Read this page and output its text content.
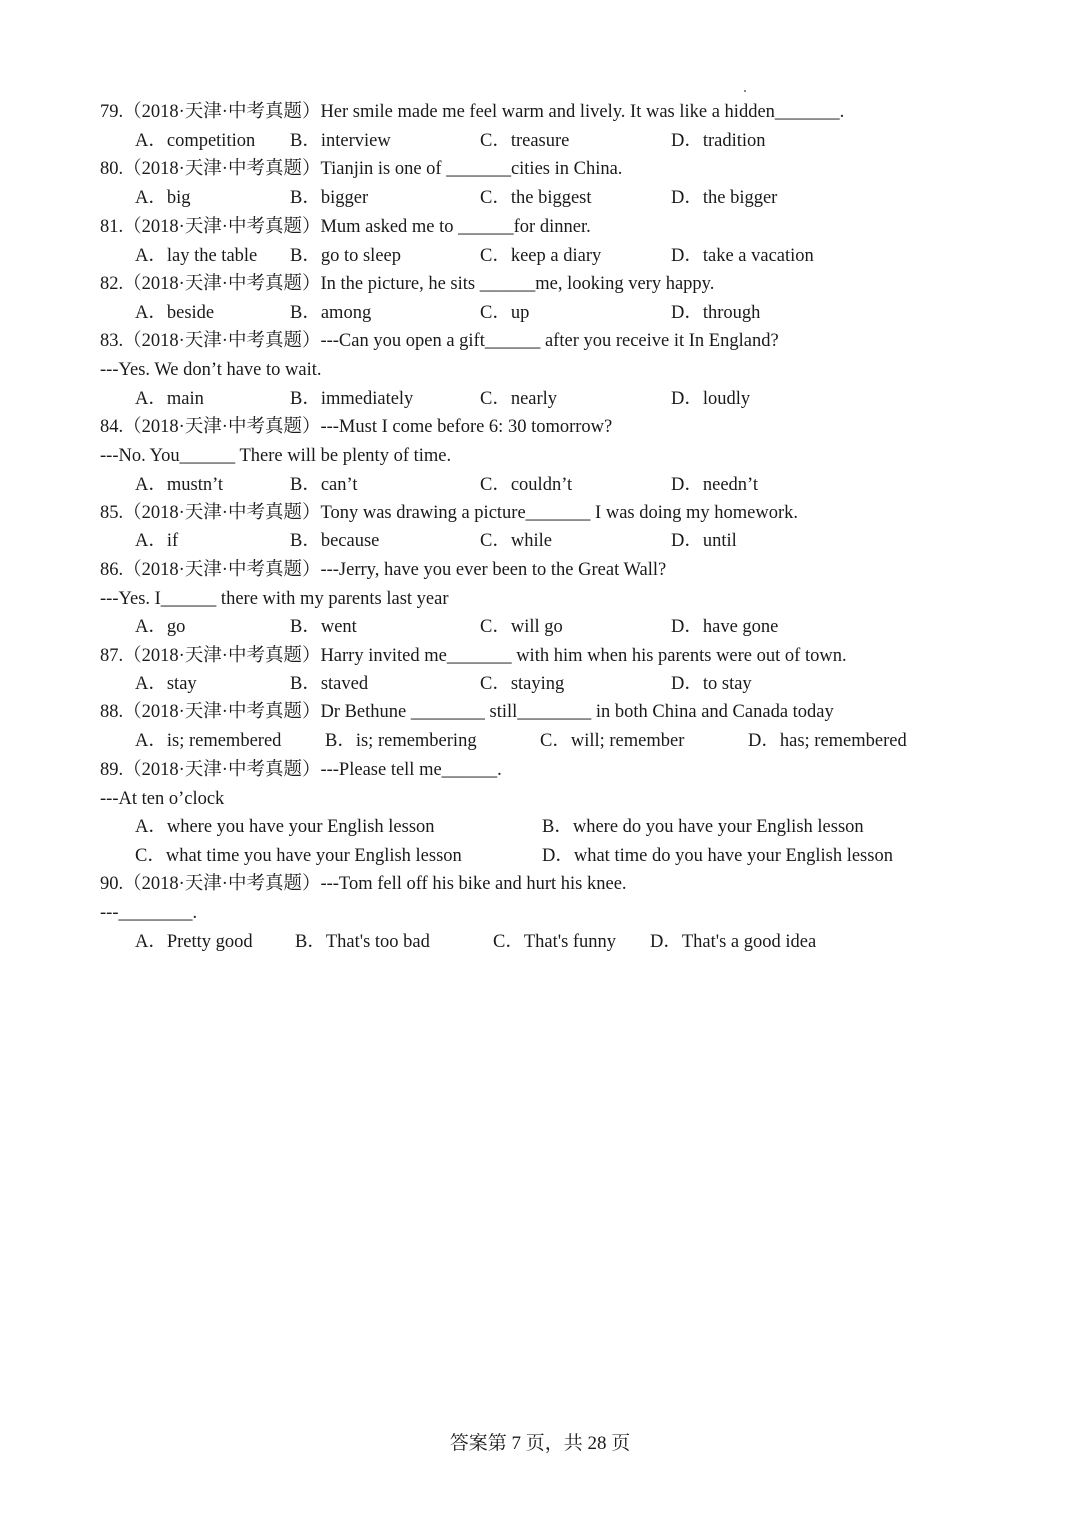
79.（2018·天津·中考真题）Her smile made me feel warm and lively. It was like a hidden_______.
A．competition B．interview	C．treasure	D．tradition
80.（2018·天津·中考真题）Tianjin is one of _______cities in China.
A．big	B．bigger	C．the biggest	D．the bigger
81.（2018·天津·中考真题）Mum asked me to ______for dinner.
A．lay the table B．go to sleep	C．keep a diary	D．take a vacation
82.（2018·天津·中考真题）In the picture, he sits ______me, looking very happy.
A．beside	B．among	C．up	D．through
83.（2018·天津·中考真题）---Can you open a gift______ after you receive it In England?
---Yes. We don’t have to wait.
A．main	B．immediately	C．nearly	D．loudly
84.（2018·天津·中考真题）---Must I come before 6: 30 tomorrow?
---No. You______ There will be plenty of time.
A．mustn’t	B．can’t	C．couldn’t	D．needn’t
85.（2018·天津·中考真题）Tony was drawing a picture_______ I was doing my homework.
A．if	B．because	C．while	D．until
86.（2018·天津·中考真题）---Jerry, have you ever been to the Great Wall?
---Yes. I______ there with my parents last year
A．go	B．went	C．will go	D．have gone
87.（2018·天津·中考真题）Harry invited me_______ with him when his parents were out of town.
A．stay	B．staved	C．staying	D．to stay
88.（2018·天津·中考真题）Dr Bethune ________ still________ in both China and Canada today
A．is; remembered B．is; remembering	C．will; remember	D．has; remembered
89.（2018·天津·中考真题）---Please tell me______.
---At ten o’clock
A．where you have your English lesson	B．where do you have your English lesson
C．what time you have your English lesson	D．what time do you have your English lesson
90.（2018·天津·中考真题）---Tom fell off his bike and hurt his knee.
---________.
A．Pretty good B．That's too bad	C．That's funny D．That's a good idea
答案第 7 页，共 28 页
